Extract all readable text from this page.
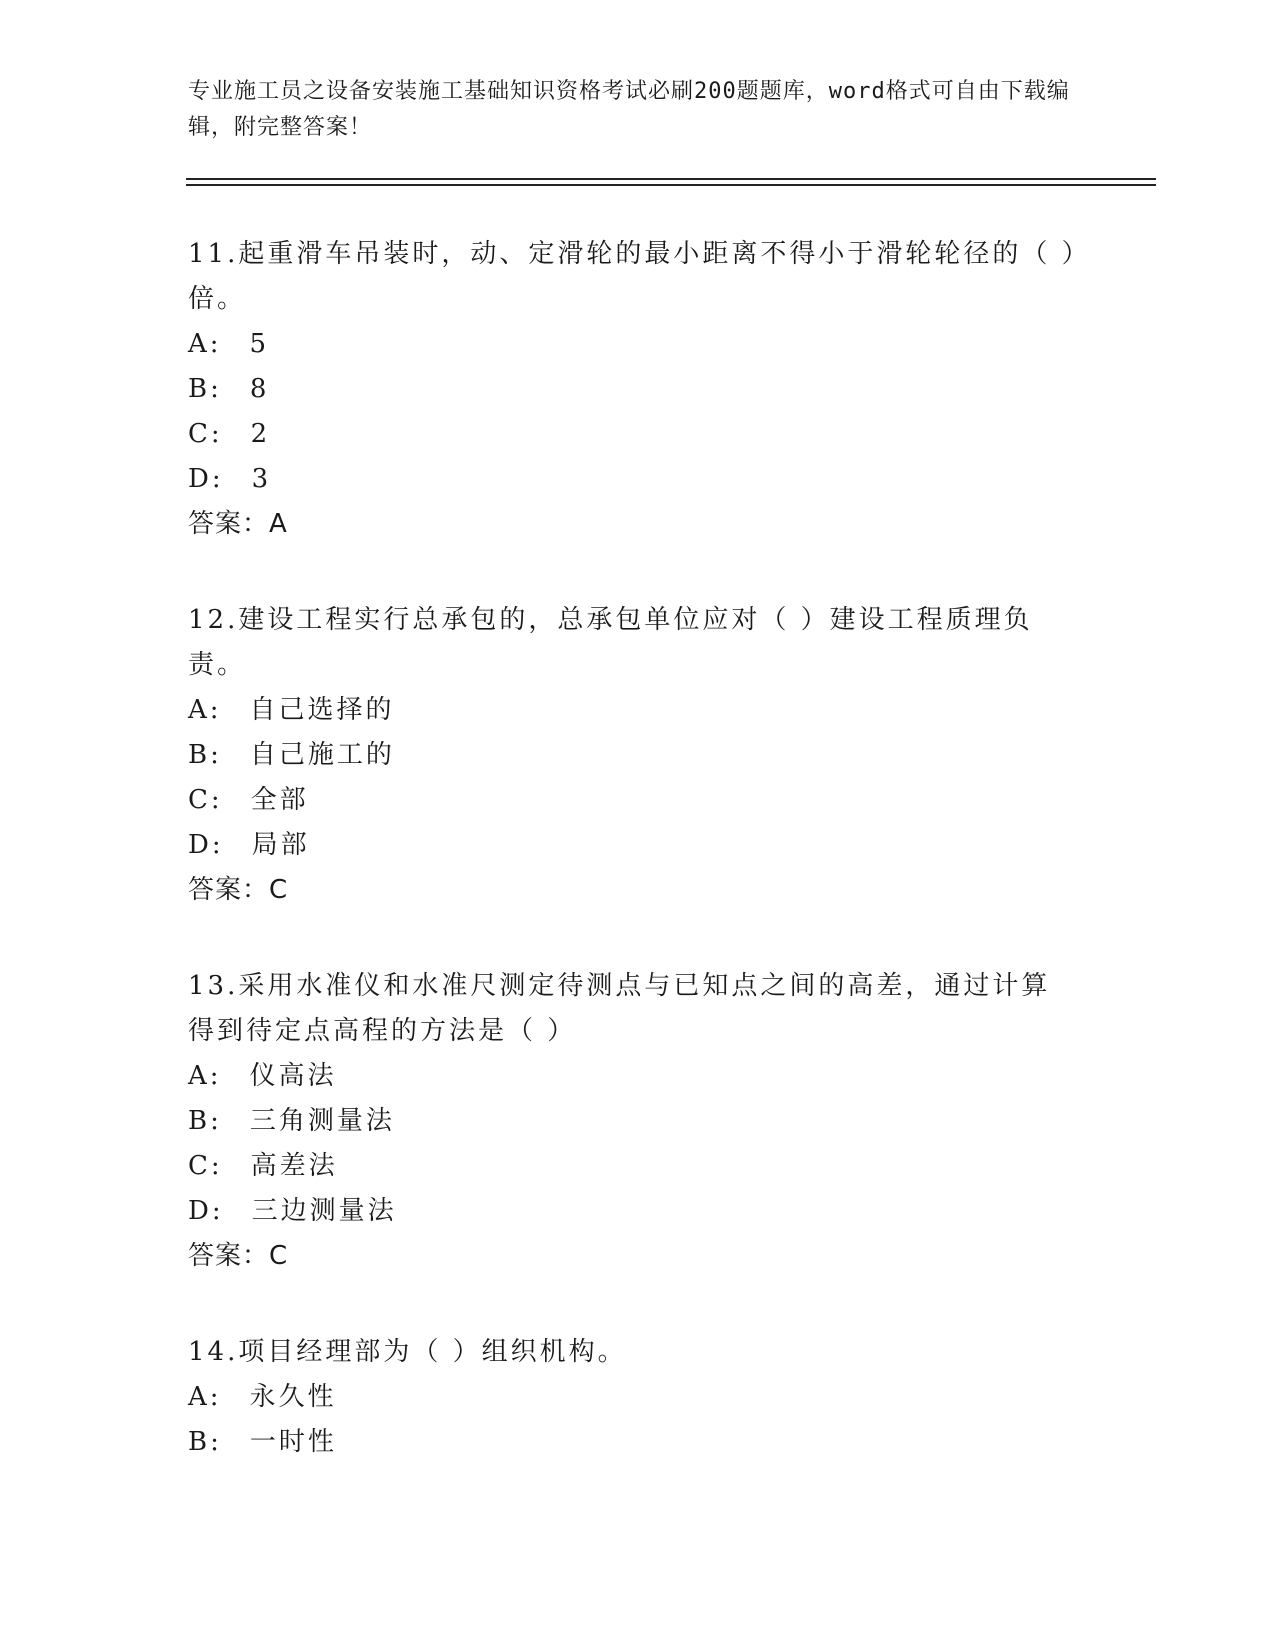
专业施工员之设备安装施工基础知识资格考试必刷200题题库，word格式可自由下载编辑，附完整答案！

11.起重滑车吊装时，动、定滑轮的最小距离不得小于滑轮轮径的（ ）倍。

A: 5

B: 8

C: 2

D: 3

答案：A

12.建设工程实行总承包的，总承包单位应对（ ）建设工程质理负责。

A: 自己选择的

B: 自己施工的

C: 全部

D: 局部

答案：C

13.采用水准仪和水准尺测定待测点与已知点之间的高差，通过计算得到待定点高程的方法是（ ）

A: 仪高法

B: 三角测量法

C: 高差法

D: 三边测量法

答案：C

14.项目经理部为（ ）组织机构。

A: 永久性

B: 一时性
